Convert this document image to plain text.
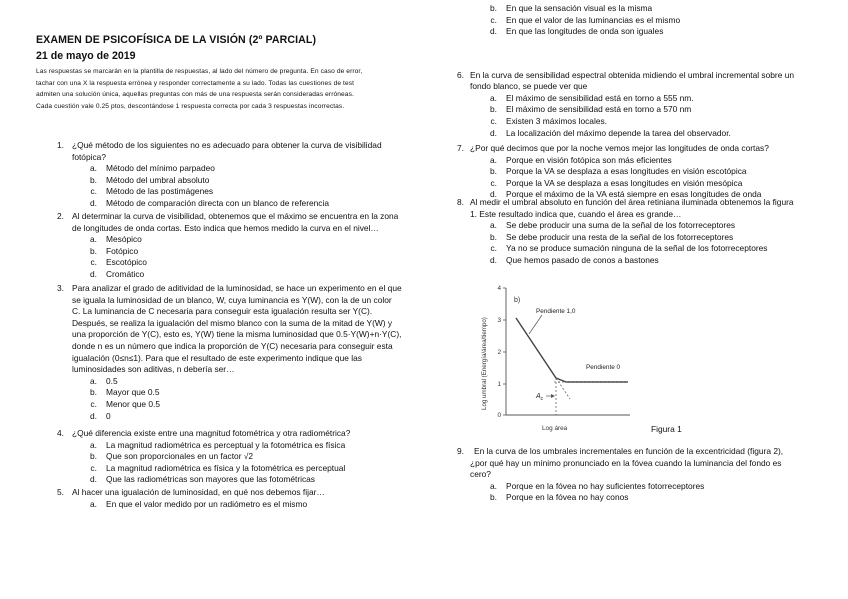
EXAMEN DE PSICOFÍSICA DE LA VISIÓN (2º PARCIAL)
21 de mayo de 2019
Las respuestas se marcarán en la plantilla de respuestas, al lado del número de pregunta. En caso de error,
tachar con una X la respuesta errónea y responder correctamente a su lado. Todas las cuestiones de test
admiten una solución única, aquellas preguntas con más de una respuesta serán consideradas erróneas.
Cada cuestión vale 0.25 ptos, descontándose 1 respuesta correcta por cada 3 respuestas incorrectas.
1. ¿Qué método de los siguientes no es adecuado para obtener la curva de visibilidad
fotópica?
a. Método del mínimo parpadeo
b. Método del umbral absoluto
c. Método de las postimágenes
d. Método de comparación directa con un blanco de referencia
2. Al determinar la curva de visibilidad, obtenemos que el máximo se encuentra en la zona
de longitudes de onda cortas. Esto indica que hemos medido la curva en el nivel…
a. Mesópico
b. Fotópico
c. Escotópico
d. Cromático
3. Para analizar el grado de aditividad de la luminosidad, se hace un experimento en el que
se iguala la luminosidad de un blanco, W, cuya luminancia es Y(W), con la de un color
C. La luminancia de C necesaria para conseguir esta igualación resulta ser Y(C).
Después, se realiza la igualación del mismo blanco con la suma de la mitad de Y(W) y
una proporción de Y(C), esto es, Y(W) tiene la misma luminosidad que 0.5·Y(W)+n·Y(C),
donde n es un número que indica la proporción de Y(C) necesaria para conseguir esta
igualación (0≤n≤1). Para que el resultado de este experimento indique que las
luminosidades son aditivas, n debería ser…
a. 0.5
b. Mayor que 0.5
c. Menor que 0.5
d. 0
4. ¿Qué diferencia existe entre una magnitud fotométrica y otra radiométrica?
a. La magnitud radiométrica es perceptual y la fotométrica es física
b. Que son proporcionales en un factor √2
c. La magnitud radiométrica es física y la fotométrica es perceptual
d. Que las radiométricas son mayores que las fotométricas
5. Al hacer una igualación de luminosidad, en qué nos debemos fijar…
a. En que el valor medido por un radiómetro es el mismo
b. En que la sensación visual es la misma
c. En que el valor de las luminancias es el mismo
d. En que las longitudes de onda son iguales
6. En la curva de sensibilidad espectral obtenida midiendo el umbral incremental sobre un
fondo blanco, se puede ver que
a. El máximo de sensibilidad está en torno a 555 nm.
b. El máximo de sensibilidad está en torno a 570 nm
c. Existen 3 máximos locales.
d. La localización del máximo depende la tarea del observador.
7. ¿Por qué decimos que por la noche vemos mejor las longitudes de onda cortas?
a. Porque en visión fotópica son más eficientes
b. Porque la VA se desplaza a esas longitudes en visión escotópica
c. Porque la VA se desplaza a esas longitudes en visión mesópica
d. Porque el máximo de la VA está siempre en esas longitudes de onda
8. Al medir el umbral absoluto en función del área retiniana iluminada obtenemos la figura
1. Este resultado indica que, cuando el área es grande…
a. Se debe producir una suma de la señal de los fotorreceptores
b. Se debe producir una resta de la señal de los fotorreceptores
c. Ya no se produce sumación ninguna de la señal de los fotorreceptores
d. Que hemos pasado de conos a bastones
9. En la curva de los umbrales incrementales en función de la excentricidad (figura 2),
¿por qué hay un mínimo pronunciado en la fóvea cuando la luminancia del fondo es
cero?
a. Porque en la fóvea no hay suficientes fotorreceptores
b. Porque en la fóvea no hay conos
Log umbral (Energía/área/tiempo)
4
3
2
1
0
b)
Pendiente 1,0
Pendiente 0
$A_c$
Log área	Figura 1
